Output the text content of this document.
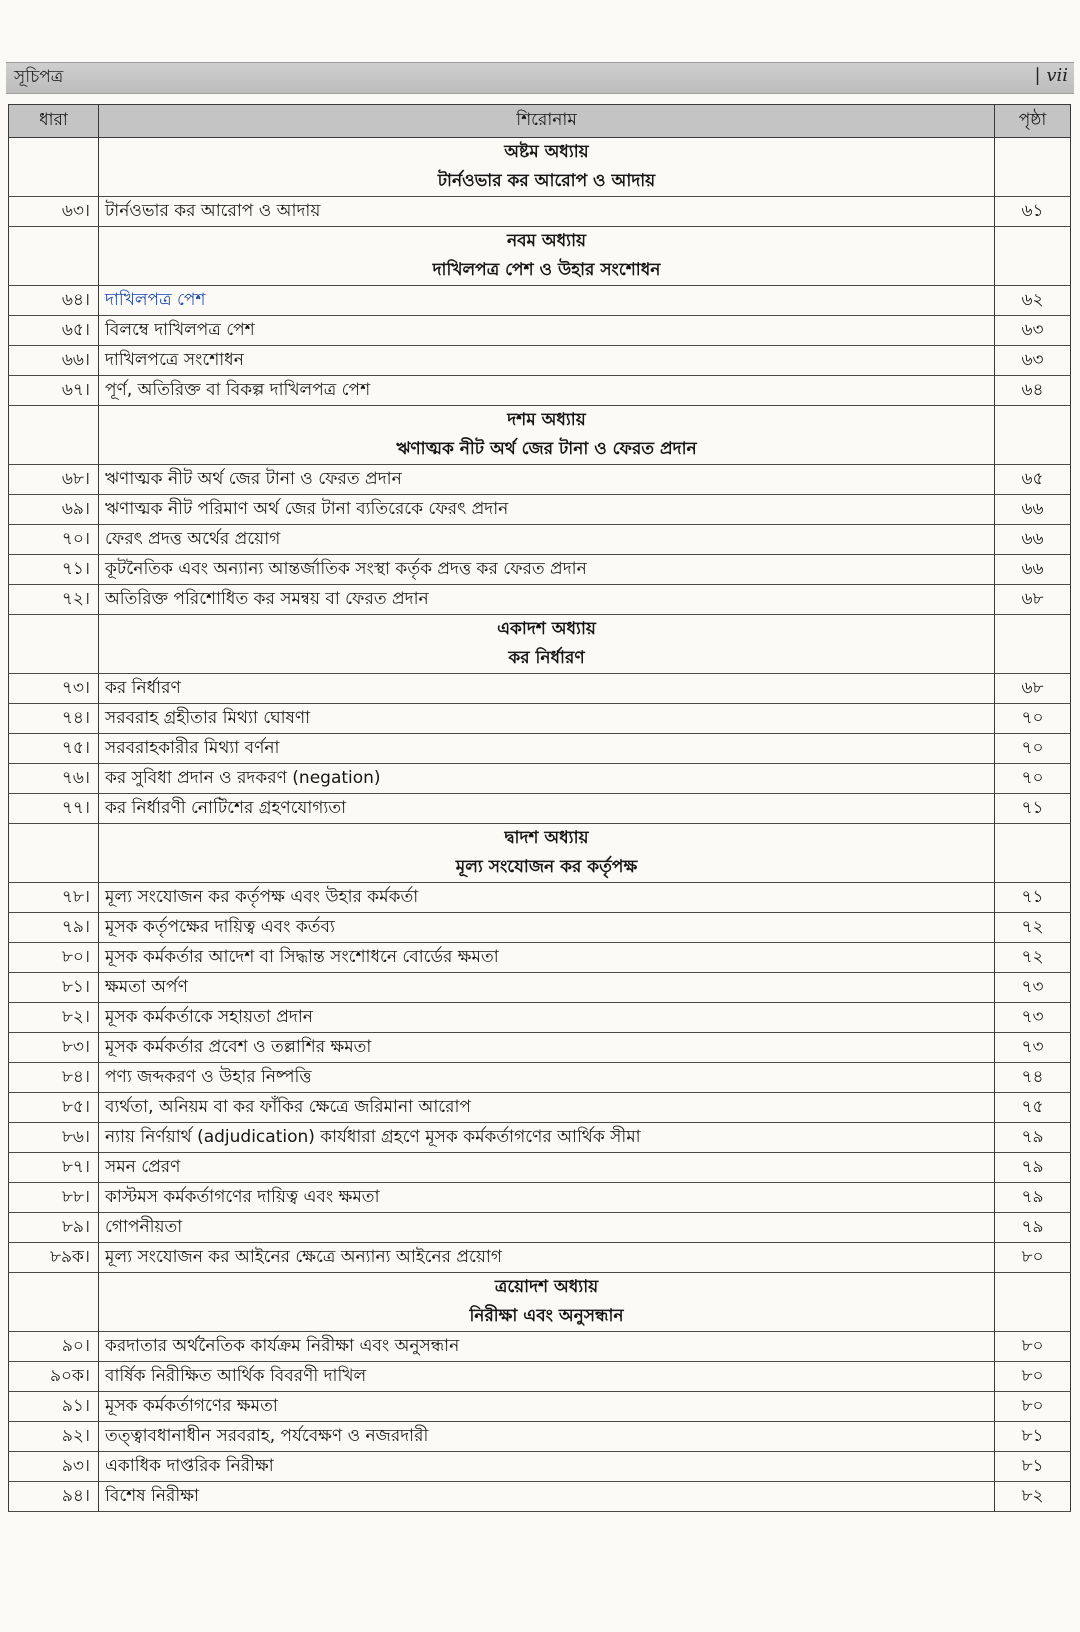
সূচিপত্র	| vii
ধারা	শিরোনাম	পৃষ্ঠা
	অষ্টম অধ্যায়	
	টার্নওভার কর আরোপ ও আদায়	
৬৩।	টার্নওভার কর আরোপ ও আদায়	৬১
	নবম অধ্যায়	
	দাখিলপত্র পেশ ও উহার সংশোধন	
৬৪।	দাখিলপত্র পেশ	৬২
৬৫।	বিলম্বে দাখিলপত্র পেশ	৬৩
৬৬।	দাখিলপত্রে সংশোধন	৬৩
৬৭।	পূর্ণ, অতিরিক্ত বা বিকল্প দাখিলপত্র পেশ	৬৪
	দশম অধ্যায়	
	ঋণাত্মক নীট অর্থ জের টানা ও ফেরত প্রদান	
৬৮।	ঋণাত্মক নীট অর্থ জের টানা ও ফেরত প্রদান	৬৫
৬৯।	ঋণাত্মক নীট পরিমাণ অর্থ জের টানা ব্যতিরেকে ফেরৎ প্রদান	৬৬
৭০।	ফেরৎ প্রদত্ত অর্থের প্রয়োগ	৬৬
৭১।	কূটনৈতিক এবং অন্যান্য আন্তর্জাতিক সংস্থা কর্তৃক প্রদত্ত কর ফেরত প্রদান	৬৬
৭২।	অতিরিক্ত পরিশোধিত কর সমন্বয় বা ফেরত প্রদান	৬৮
	একাদশ অধ্যায়	
	কর নির্ধারণ	
৭৩।	কর নির্ধারণ	৬৮
৭৪।	সরবরাহ গ্রহীতার মিথ্যা ঘোষণা	৭০
৭৫।	সরবরাহকারীর মিথ্যা বর্ণনা	৭০
৭৬।	কর সুবিধা প্রদান ও রদকরণ (negation)	৭০
৭৭।	কর নির্ধারণী নোটিশের গ্রহণযোগ্যতা	৭১
	দ্বাদশ অধ্যায়	
	মূল্য সংযোজন কর কর্তৃপক্ষ	
৭৮।	মূল্য সংযোজন কর কর্তৃপক্ষ এবং উহার কর্মকর্তা	৭১
৭৯।	মূসক কর্তৃপক্ষের দায়িত্ব এবং কর্তব্য	৭২
৮০।	মূসক কর্মকর্তার আদেশ বা সিদ্ধান্ত সংশোধনে বোর্ডের ক্ষমতা	৭২
৮১।	ক্ষমতা অর্পণ	৭৩
৮২।	মূসক কর্মকর্তাকে সহায়তা প্রদান	৭৩
৮৩।	মূসক কর্মকর্তার প্রবেশ ও তল্লাশির ক্ষমতা	৭৩
৮৪।	পণ্য জব্দকরণ ও উহার নিষ্পত্তি	৭৪
৮৫।	ব্যর্থতা, অনিয়ম বা কর ফাঁকির ক্ষেত্রে জরিমানা আরোপ	৭৫
৮৬।	ন্যায় নির্ণয়ার্থ (adjudication) কার্যধারা গ্রহণে মূসক কর্মকর্তাগণের আর্থিক সীমা	৭৯
৮৭।	সমন প্রেরণ	৭৯
৮৮।	কাস্টমস কর্মকর্তাগণের দায়িত্ব এবং ক্ষমতা	৭৯
৮৯।	গোপনীয়তা	৭৯
৮৯ক।	মূল্য সংযোজন কর আইনের ক্ষেত্রে অন্যান্য আইনের প্রয়োগ	৮০
	ত্রয়োদশ অধ্যায়	
	নিরীক্ষা এবং অনুসন্ধান	
৯০।	করদাতার অর্থনৈতিক কার্যক্রম নিরীক্ষা এবং অনুসন্ধান	৮০
৯০ক।	বার্ষিক নিরীক্ষিত আর্থিক বিবরণী দাখিল	৮০
৯১।	মূসক কর্মকর্তাগণের ক্ষমতা	৮০
৯২।	তত্ত্বাবধানাধীন সরবরাহ, পর্যবেক্ষণ ও নজরদারী	৮১
৯৩।	একাধিক দাপ্তরিক নিরীক্ষা	৮১
৯৪।	বিশেষ নিরীক্ষা	৮২
